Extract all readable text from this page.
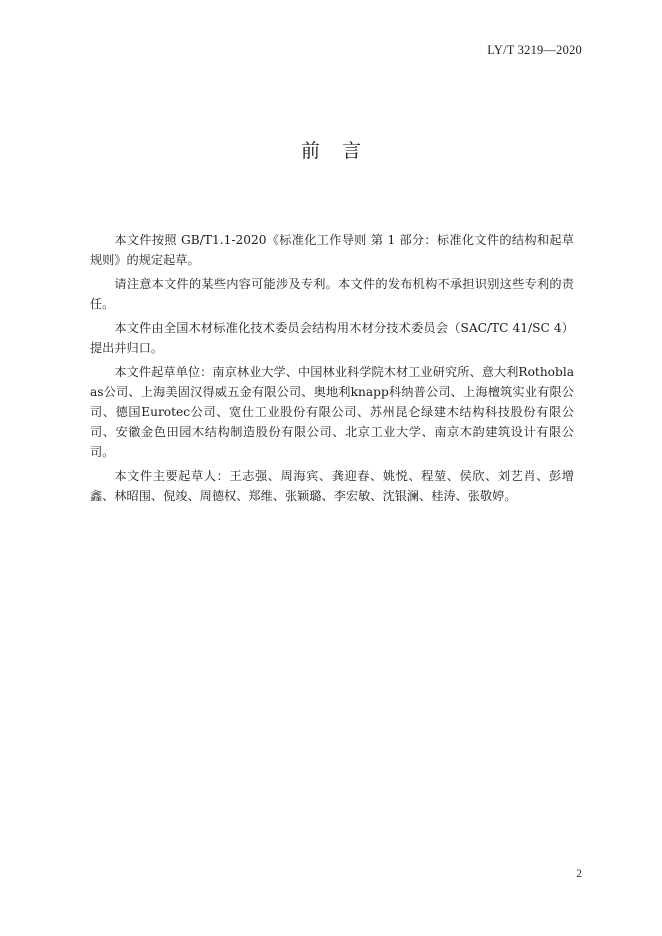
LY/T 3219—2020
前言

本文件按照 GB/T1.1-2020《标准化工作导则 第 1 部分：标准化文件的结构和起草规则》的规定起草。

请注意本文件的某些内容可能涉及专利。本文件的发布机构不承担识别这些专利的责任。

本文件由全国木材标准化技术委员会结构用木材分技术委员会（SAC/TC 41/SC 4）提出并归口。

本文件起草单位：南京林业大学、中国林业科学院木材工业研究所、意大利Rothoblaas公司、上海美固汉得威五金有限公司、奥地利knapp科纳普公司、上海檀筑实业有限公司、德国Eurotec公司、宽仕工业股份有限公司、苏州昆仑绿建木结构科技股份有限公司、安徽金色田园木结构制造股份有限公司、北京工业大学、南京木韵建筑设计有限公司。

本文件主要起草人：王志强、周海宾、龚迎春、姚悦、程堃、侯欣、刘艺肖、彭增鑫、林昭围、倪竣、周德权、郑维、张颖璐、李宏敏、沈银澜、桂涛、张敬婷。

2
